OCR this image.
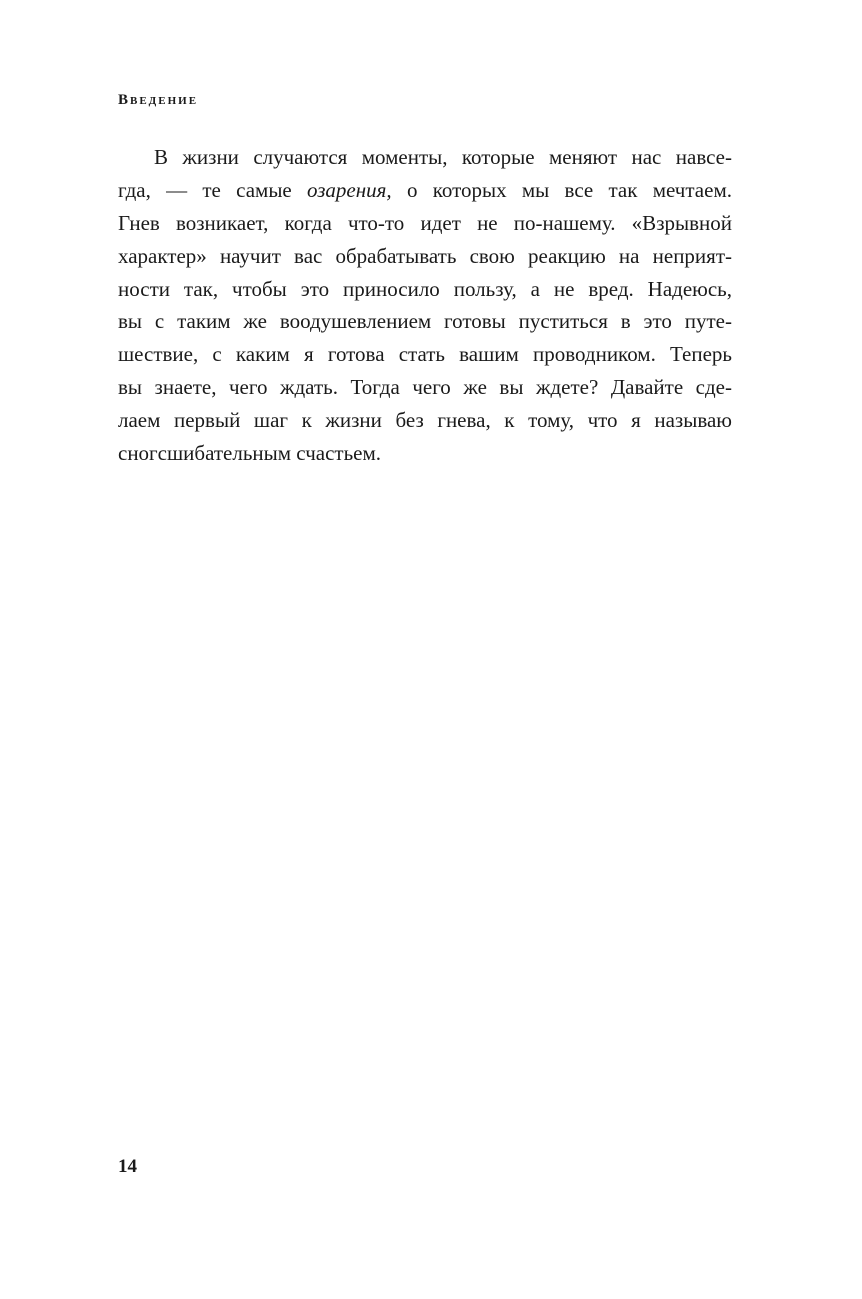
Введение
В жизни случаются моменты, которые меняют нас навсе-
гда, — те самые озарения, о которых мы все так мечтаем.
Гнев возникает, когда что-то идет не по-нашему. «Взрывной
характер» научит вас обрабатывать свою реакцию на неприят-
ности так, чтобы это приносило пользу, а не вред. Надеюсь,
вы с таким же воодушевлением готовы пуститься в это путе-
шествие, с каким я готова стать вашим проводником. Теперь
вы знаете, чего ждать. Тогда чего же вы ждете? Давайте сде-
лаем первый шаг к жизни без гнева, к тому, что я называю
сногсшибательным счастьем.
14
